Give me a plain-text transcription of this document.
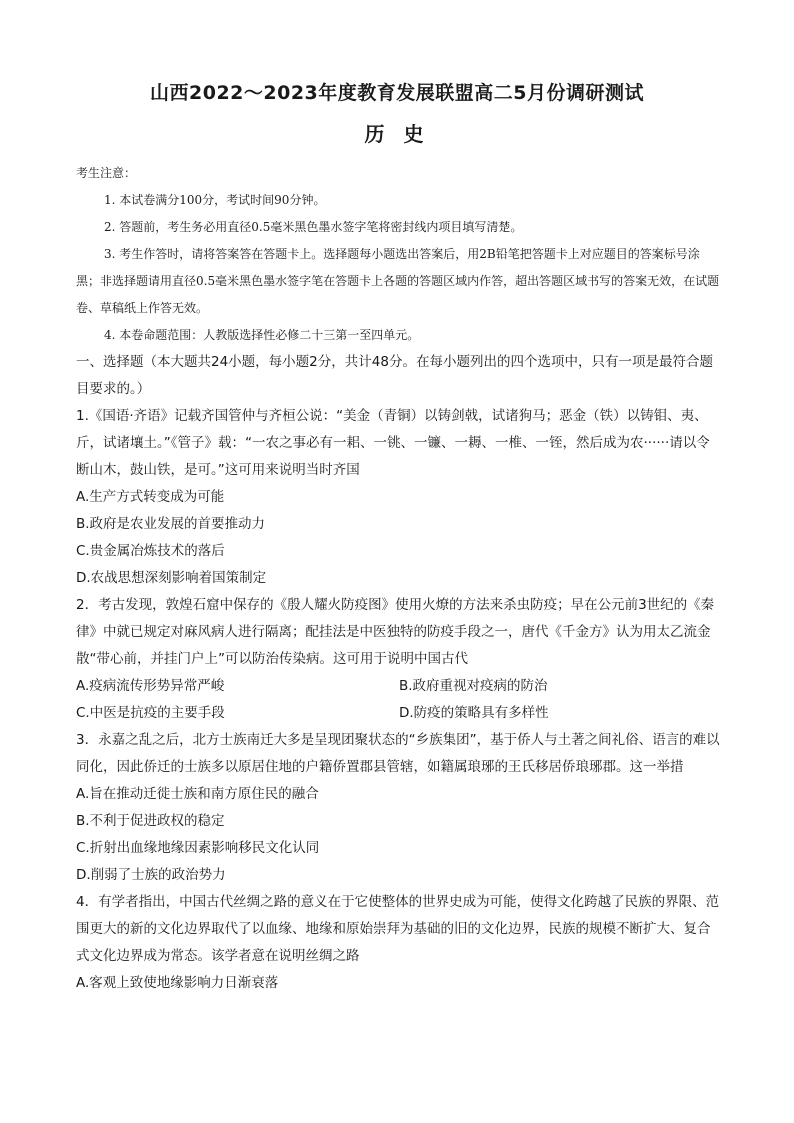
山西2022～2023年度教育发展联盟高二5月份调研测试
历 史

考生注意：

1. 本试卷满分100分，考试时间90分钟。

2. 答题前，考生务必用直径0.5毫米黑色墨水签字笔将密封线内项目填写清楚。

3. 考生作答时，请将答案答在答题卡上。选择题每小题选出答案后，用2B铅笔把答题卡上对应题目的答案标号涂黑；非选择题请用直径0.5毫米黑色墨水签字笔在答题卡上各题的答题区域内作答，超出答题区域书写的答案无效，在试题卷、草稿纸上作答无效。

4. 本卷命题范围：人教版选择性必修二十三第一至四单元。

一、选择题（本大题共24小题，每小题2分，共计48分。在每小题列出的四个选项中，只有一项是最符合题目要求的。）

1.《国语·齐语》记载齐国管仲与齐桓公说：“美金（青铜）以铸剑戟，试诸狗马；恶金（铁）以铸钼、夷、斤，试诸壤土。”《管子》载：“一农之事必有一耜、一铫、一镰、一耨、一椎、一铚，然后成为农······请以令断山木，鼓山铁，是可。”这可用来说明当时齐国

A.生产方式转变成为可能

B.政府是农业发展的首要推动力

C.贵金属冶炼技术的落后

D.农战思想深刻影响着国策制定

2．考古发现，敦煌石窟中保存的《殷人耀火防疫图》使用火燎的方法来杀虫防疫；早在公元前3世纪的《秦律》中就已规定对麻风病人进行隔离；配挂法是中医独特的防疫手段之一，唐代《千金方》认为用太乙流金散“带心前，并挂门户上”可以防治传染病。这可用于说明中国古代

A.疫病流传形势异常严峻	B.政府重视对疫病的防治

C.中医是抗疫的主要手段	D.防疫的策略具有多样性

3．永嘉之乱之后，北方士族南迁大多是呈现团聚状态的“乡族集团”，基于侨人与土著之间礼俗、语言的难以同化，因此侨迁的士族多以原居住地的户籍侨置郡县管辖，如籍属琅琊的王氏移居侨琅琊郡。这一举措

A.旨在推动迁徙士族和南方原住民的融合

B.不利于促进政权的稳定

C.折射出血缘地缘因素影响移民文化认同

D.削弱了士族的政治势力

4．有学者指出，中国古代丝绸之路的意义在于它使整体的世界史成为可能，使得文化跨越了民族的界限、范围更大的新的文化边界取代了以血缘、地缘和原始崇拜为基础的旧的文化边界，民族的规模不断扩大、复合式文化边界成为常态。该学者意在说明丝绸之路

A.客观上致使地缘影响力日渐衰落
